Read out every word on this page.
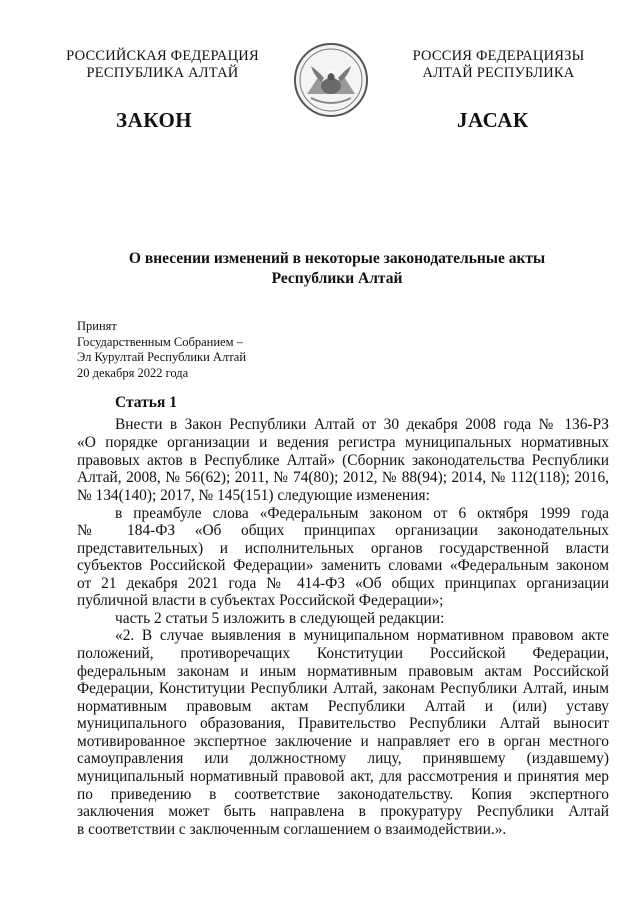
РОССИЙСКАЯ ФЕДЕРАЦИЯ
РЕСПУБЛИКА АЛТАЙ
РОССИЯ ФЕДЕРАЦИЯЗЫ
АЛТАЙ РЕСПУБЛИКА
ЗАКОН	ЈАСАК
О внесении изменений в некоторые законодательные акты
Республики Алтай
Принят
Государственным Собранием –
Эл Курултай Республики Алтай
20 декабря 2022 года
Статья 1
Внести в Закон Республики Алтай от 30 декабря 2008 года № 136-РЗ
«О порядке организации и ведения регистра муниципальных нормативных
правовых актов в Республике Алтай» (Сборник законодательства Республики
Алтай, 2008, № 56(62); 2011, № 74(80); 2012, № 88(94); 2014, № 112(118); 2016,
№ 134(140); 2017, № 145(151) следующие изменения:
в преамбуле слова «Федеральным законом от 6 октября 1999 года
№ 184-ФЗ «Об общих принципах организации законодательных
представительных) и исполнительных органов государственной власти
субъектов Российской Федерации» заменить словами «Федеральным законом
от 21 декабря 2021 года № 414-ФЗ «Об общих принципах организации
публичной власти в субъектах Российской Федерации»;
часть 2 статьи 5 изложить в следующей редакции:
«2. В случае выявления в муниципальном нормативном правовом акте
положений, противоречащих Конституции Российской Федерации,
федеральным законам и иным нормативным правовым актам Российской
Федерации, Конституции Республики Алтай, законам Республики Алтай, иным
нормативным правовым актам Республики Алтай и (или) уставу
муниципального образования, Правительство Республики Алтай выносит
мотивированное экспертное заключение и направляет его в орган местного
самоуправления или должностному лицу, принявшему (издавшему)
муниципальный нормативный правовой акт, для рассмотрения и принятия мер
по приведению в соответствие законодательству. Копия экспертного
заключения может быть направлена в прокуратуру Республики Алтай
в соответствии с заключенным соглашением о взаимодействии.».
